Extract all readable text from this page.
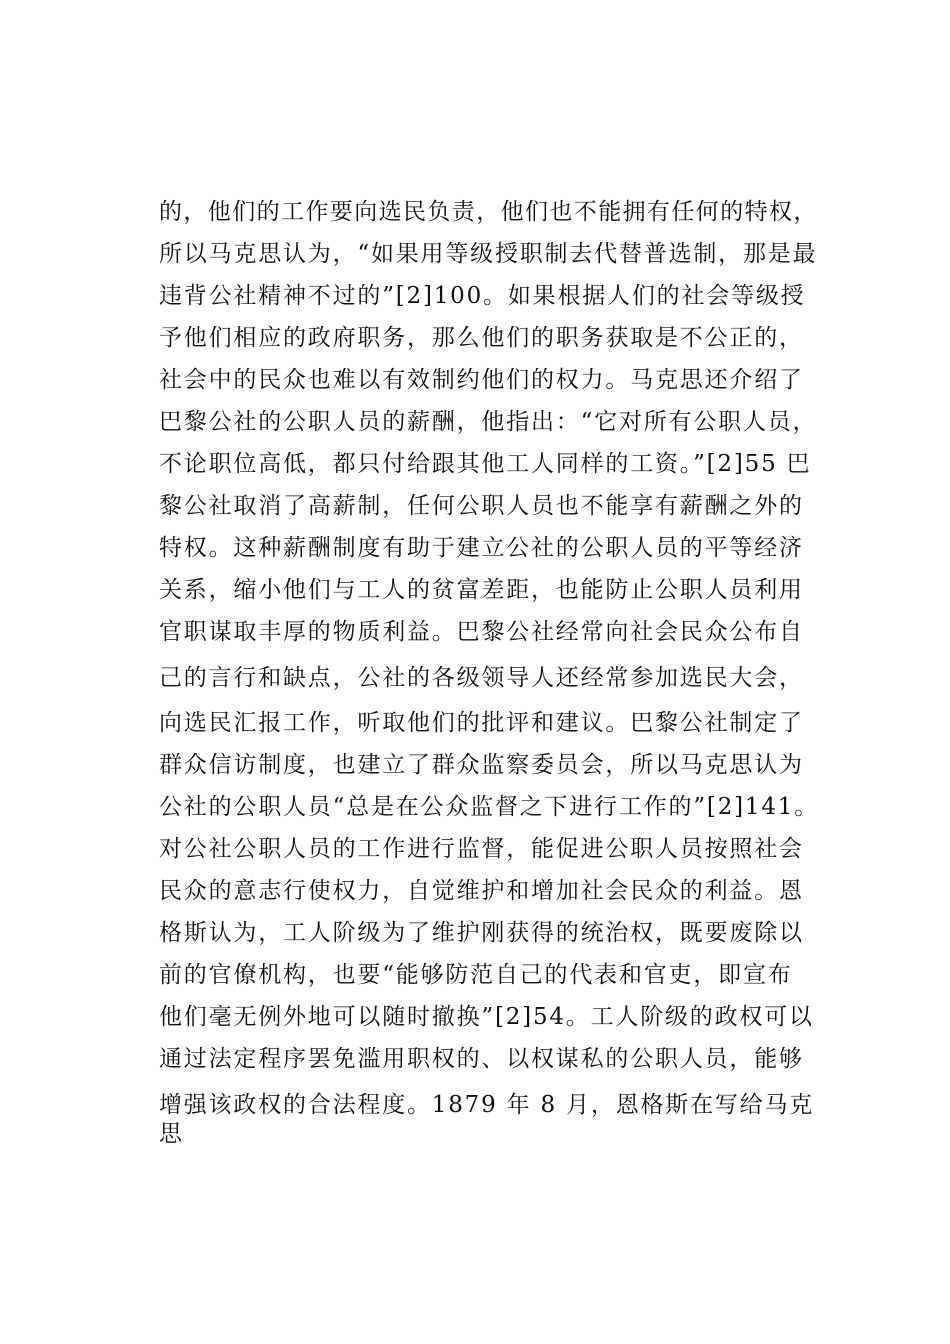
的，他们的工作要向选民负责，他们也不能拥有任何的特权，
所以马克思认为，“如果用等级授职制去代替普选制，那是最
违背公社精神不过的”[2]100。如果根据人们的社会等级授
予他们相应的政府职务，那么他们的职务获取是不公正的，
社会中的民众也难以有效制约他们的权力。马克思还介绍了
巴黎公社的公职人员的薪酬，他指出：“它对所有公职人员，
不论职位高低，都只付给跟其他工人同样的工资。”[2]55 巴
黎公社取消了高薪制，任何公职人员也不能享有薪酬之外的
特权。这种薪酬制度有助于建立公社的公职人员的平等经济
关系，缩小他们与工人的贫富差距，也能防止公职人员利用
官职谋取丰厚的物质利益。巴黎公社经常向社会民众公布自
己的言行和缺点，公社的各级领导人还经常参加选民大会，
向选民汇报工作，听取他们的批评和建议。巴黎公社制定了
群众信访制度，也建立了群众监察委员会，所以马克思认为
公社的公职人员“总是在公众监督之下进行工作的”[2]141。
对公社公职人员的工作进行监督，能促进公职人员按照社会
民众的意志行使权力，自觉维护和增加社会民众的利益。恩
格斯认为，工人阶级为了维护刚获得的统治权，既要废除以
前的官僚机构，也要“能够防范自己的代表和官吏，即宣布
他们毫无例外地可以随时撤换”[2]54。工人阶级的政权可以
通过法定程序罢免滥用职权的、以权谋私的公职人员，能够
增强该政权的合法程度。1879 年 8 月，恩格斯在写给马克
思
